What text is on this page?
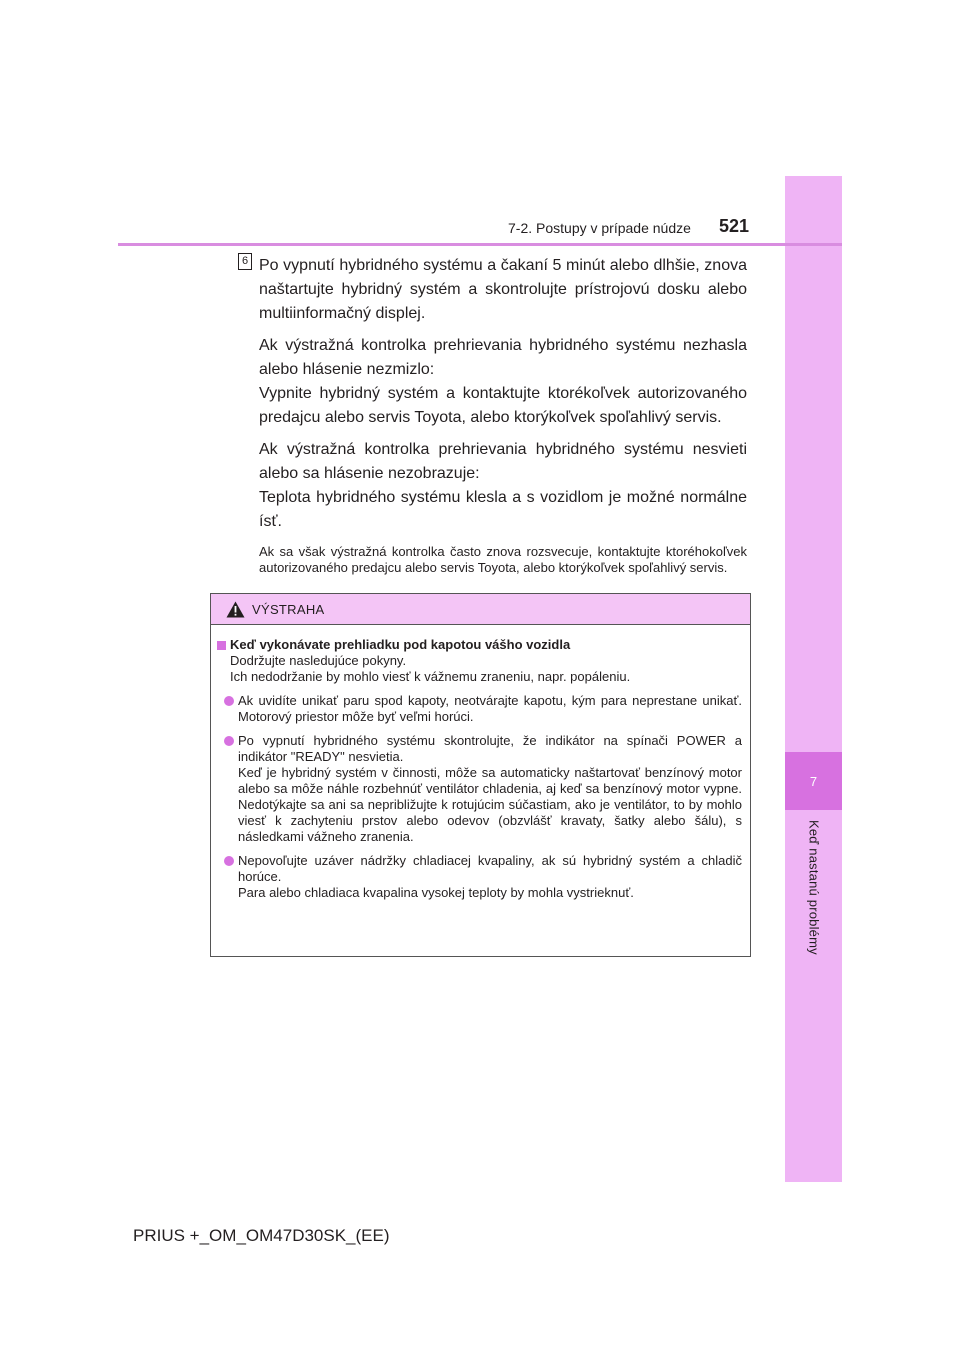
7
Keď nastanú problémy
7-2. Postupy v prípade núdze 521
6 Po vypnutí hybridného systému a čakaní 5 minút alebo dlhšie, znova naštartujte hybridný systém a skontrolujte prístrojovú dosku alebo multiinformačný displej.

Ak výstražná kontrolka prehrievania hybridného systému nezhasla alebo hlásenie nezmizlo:

Vypnite hybridný systém a kontaktujte ktorékoľvek autorizovaného predajcu alebo servis Toyota, alebo ktorýkoľvek spoľahlivý servis.

Ak výstražná kontrolka prehrievania hybridného systému nesvieti alebo sa hlásenie nezobrazuje:

Teplota hybridného systému klesla a s vozidlom je možné normálne ísť.

Ak sa však výstražná kontrolka často znova rozsvecuje, kontaktujte ktoréhokoľvek autorizovaného predajcu alebo servis Toyota, alebo ktorýkoľvek spoľahlivý servis.

VÝSTRAHA
Keď vykonávate prehliadku pod kapotou vášho vozidla
Dodržujte nasledujúce pokyny.
Ich nedodržanie by mohlo viesť k vážnemu zraneniu, napr. popáleniu.
Ak uvidíte unikať paru spod kapoty, neotvárajte kapotu, kým para neprestane unikať. Motorový priestor môže byť veľmi horúci.
Po vypnutí hybridného systému skontrolujte, že indikátor na spínači POWER a indikátor "READY" nesvietia.
Keď je hybridný systém v činnosti, môže sa automaticky naštartovať benzínový motor alebo sa môže náhle rozbehnúť ventilátor chladenia, aj keď sa benzínový motor vypne. Nedotýkajte sa ani sa nepribližujte k rotujúcim súčastiam, ako je ventilátor, to by mohlo viesť k zachyteniu prstov alebo odevov (obzvlášť kravaty, šatky alebo šálu), s následkami vážneho zranenia.
Nepovoľujte uzáver nádržky chladiacej kvapaliny, ak sú hybridný systém a chladič horúce.
Para alebo chladiaca kvapalina vysokej teploty by mohla vystrieknuť.
PRIUS +_OM_OM47D30SK_(EE)
